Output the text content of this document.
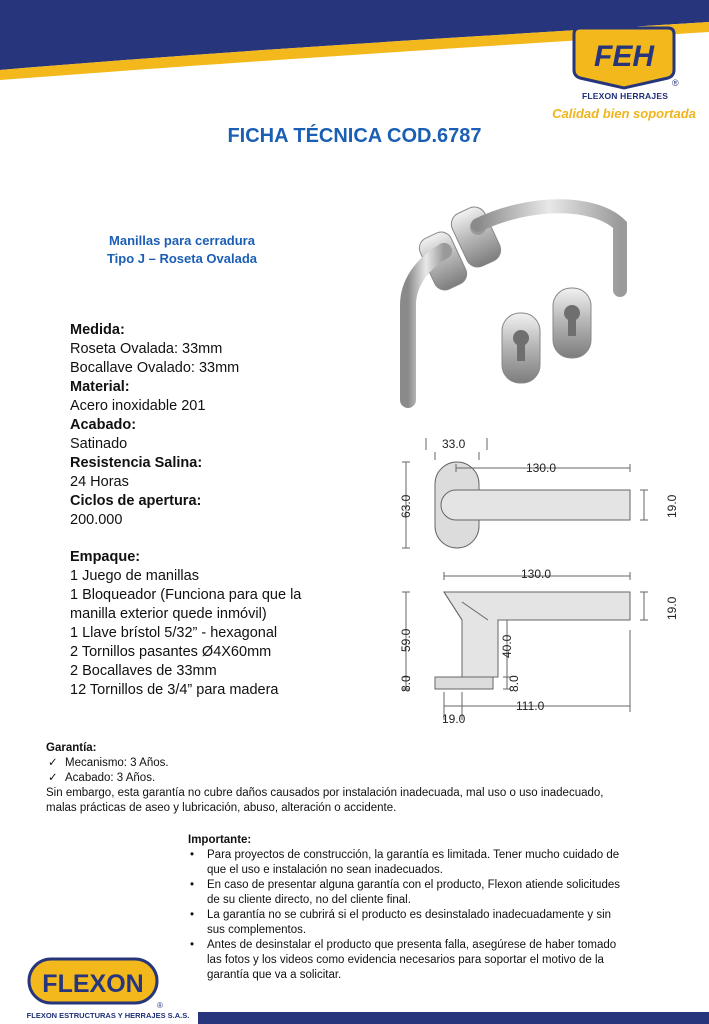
FEH
®
FLEXON HERRAJES
Calidad bien soportada
FICHA TÉCNICA COD.6787
Manillas para cerradura
Tipo J – Roseta Ovalada
Medida:
Roseta Ovalada: 33mm
Bocallave Ovalado: 33mm
Material:
Acero inoxidable 201
Acabado:
Satinado
Resistencia Salina:
24 Horas
Ciclos de apertura:
200.000
Empaque:
1 Juego de manillas
1 Bloqueador (Funciona para que la
manilla exterior quede inmóvil)
1 Llave brístol 5/32” - hexagonal
2 Tornillos pasantes Ø4X60mm
2 Bocallaves de 33mm
12 Tornillos de 3/4” para madera
33.0
130.0
63.0	19.0
130.0
19.0
59.0	40.0
8.0	8.0
19.0
111.0
Garantía:
✓ Mecanismo: 3 Años.
✓ Acabado: 3 Años.
Sin embargo, esta garantía no cubre daños causados por instalación inadecuada, mal uso o uso inadecuado,
malas prácticas de aseo y lubricación, abuso, alteración o accidente.
Importante:
• Para proyectos de construcción, la garantía es limitada. Tener mucho cuidado de
que el uso e instalación no sean inadecuados.
• En caso de presentar alguna garantía con el producto, Flexon atiende solicitudes
de su cliente directo, no del cliente final.
• La garantía no se cubrirá si el producto es desinstalado inadecuadamente y sin
sus complementos.
• Antes de desinstalar el producto que presenta falla, asegúrese de haber tomado
las fotos y los videos como evidencia necesarios para soportar el motivo de la
garantía que va a solicitar.
FLEXON
®
FLEXON ESTRUCTURAS Y HERRAJES S.A.S.
